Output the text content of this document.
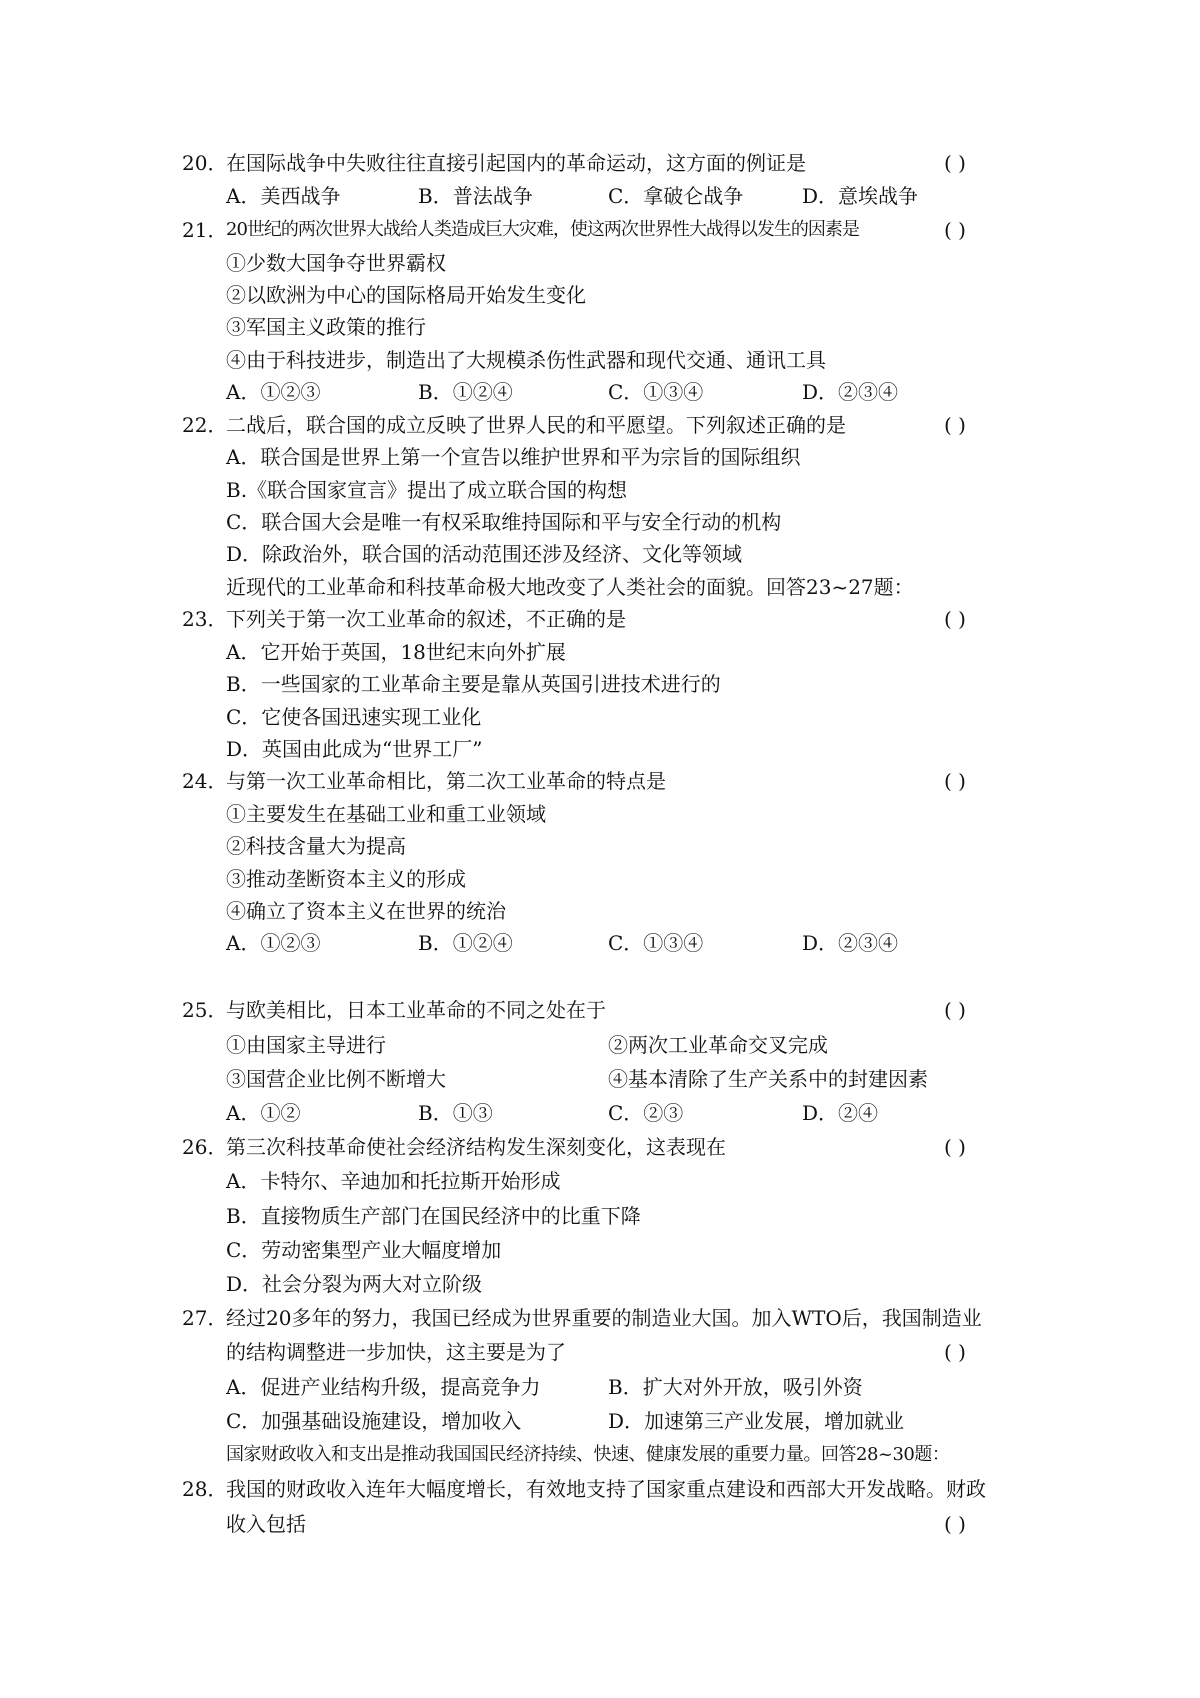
20．
在国际战争中失败往往直接引起国内的革命运动，这方面的例证是	( )
A．美西战争	B．普法战争	C．拿破仑战争	D．意埃战争
21．
20世纪的两次世界大战给人类造成巨大灾难，使这两次世界性大战得以发生的因素是	( )
①少数大国争夺世界霸权
②以欧洲为中心的国际格局开始发生变化
③军国主义政策的推行
④由于科技进步，制造出了大规模杀伤性武器和现代交通、通讯工具
A．①②③	B．①②④	C．①③④	D．②③④
22．
二战后，联合国的成立反映了世界人民的和平愿望。下列叙述正确的是	( )
A．联合国是世界上第一个宣告以维护世界和平为宗旨的国际组织
B.《联合国家宣言》提出了成立联合国的构想
C．联合国大会是唯一有权采取维持国际和平与安全行动的机构
D．除政治外，联合国的活动范围还涉及经济、文化等领域
近现代的工业革命和科技革命极大地改变了人类社会的面貌。回答23~27题：
23．
下列关于第一次工业革命的叙述，不正确的是	( )
A．它开始于英国，18世纪末向外扩展
B．一些国家的工业革命主要是靠从英国引进技术进行的
C．它使各国迅速实现工业化
D．英国由此成为“世界工厂”
24．
与第一次工业革命相比，第二次工业革命的特点是	( )
①主要发生在基础工业和重工业领域
②科技含量大为提高
③推动垄断资本主义的形成
④确立了资本主义在世界的统治
A．①②③	B．①②④	C．①③④	D．②③④
25．
与欧美相比，日本工业革命的不同之处在于	( )
①由国家主导进行	②两次工业革命交叉完成
③国营企业比例不断增大	④基本清除了生产关系中的封建因素
A．①②	B．①③	C．②③	D．②④
26．
第三次科技革命使社会经济结构发生深刻变化，这表现在	( )
A．卡特尔、辛迪加和托拉斯开始形成
B．直接物质生产部门在国民经济中的比重下降
C．劳动密集型产业大幅度增加
D．社会分裂为两大对立阶级
27．
经过20多年的努力，我国已经成为世界重要的制造业大国。加入WTO后，我国制造业
的结构调整进一步加快，这主要是为了	( )
A．促进产业结构升级，提高竞争力	B．扩大对外开放，吸引外资
C．加强基础设施建设，增加收入	D．加速第三产业发展，增加就业
国家财政收入和支出是推动我国国民经济持续、快速、健康发展的重要力量。回答28~30题：
28．
我国的财政收入连年大幅度增长，有效地支持了国家重点建设和西部大开发战略。财政
收入包括	( )
